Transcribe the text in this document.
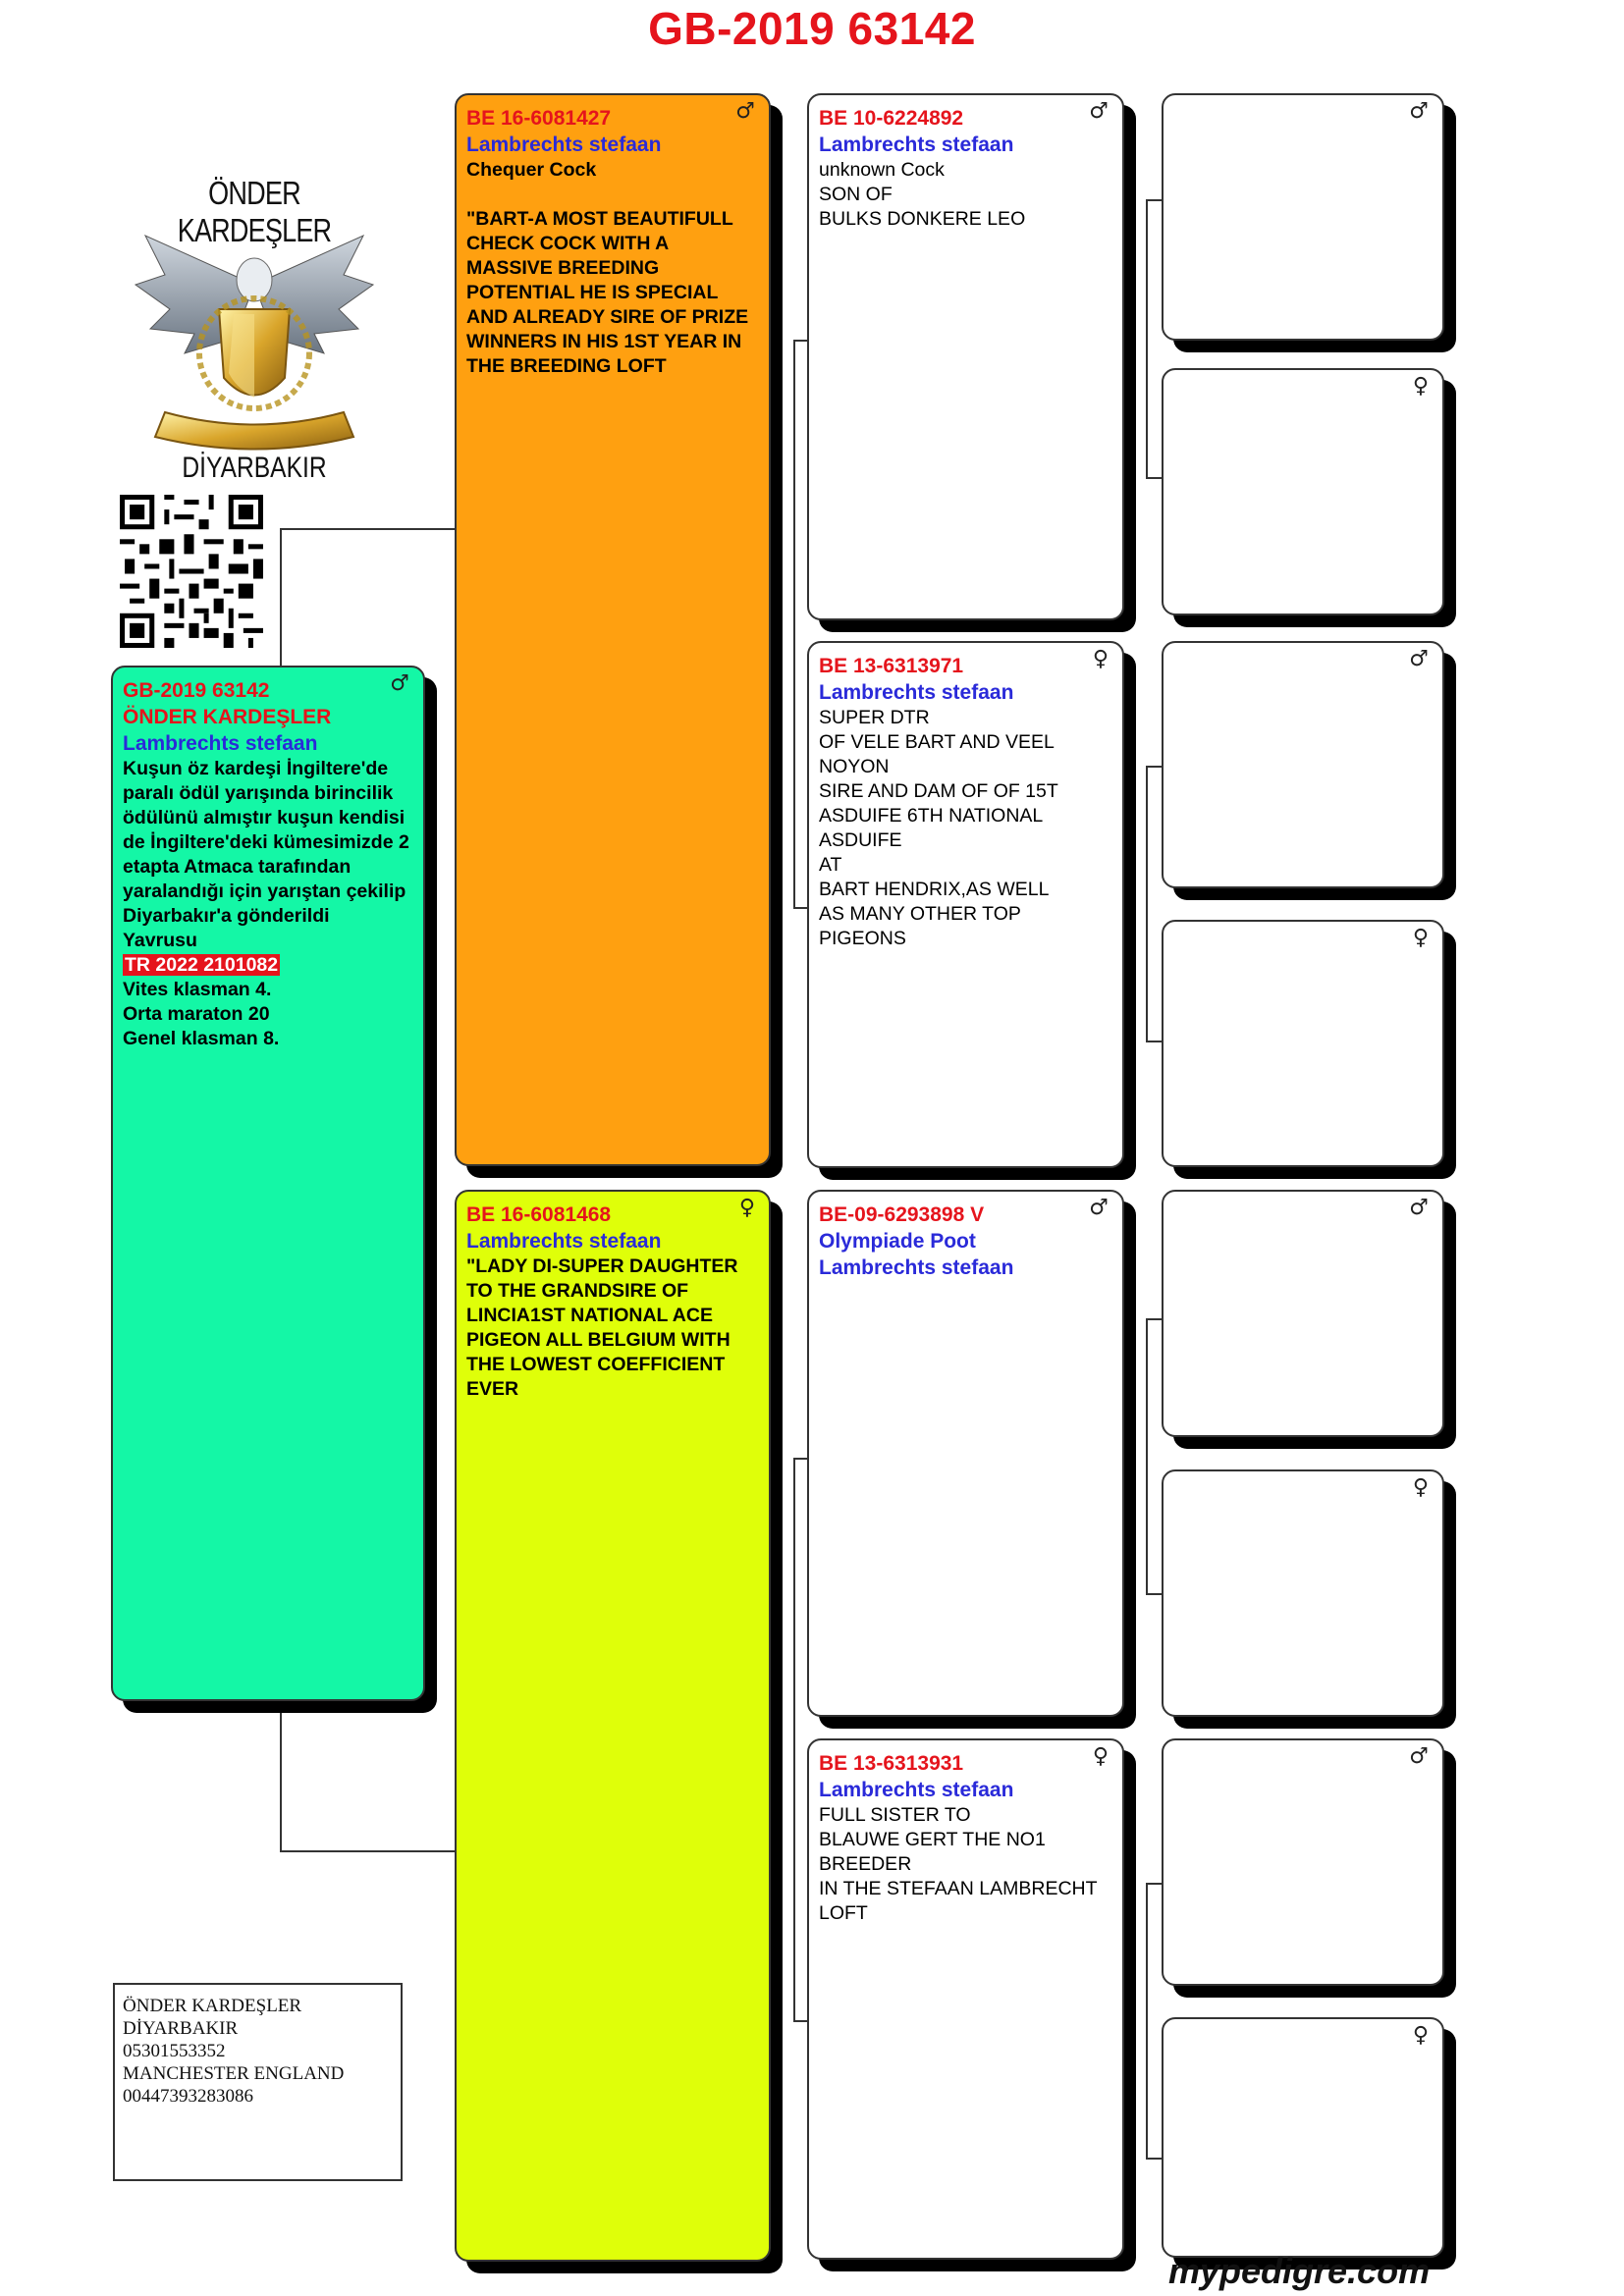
GB-2019 63142
ÖNDER KARDEŞLER
DİYARBAKIR
♂
GB-2019 63142
ÖNDER KARDEŞLER
Lambrechts stefaan
Kuşun öz kardeşi İngiltere'de paralı ödül yarışında birincilik ödülünü almıştır kuşun kendisi de İngiltere'deki kümesimizde 2 etapta Atmaca tarafından yaralandığı için yarıştan çekilip Diyarbakır'a gönderildi
Yavrusu
TR 2022 2101082
Vites klasman 4.
Orta maraton 20
Genel klasman 8.
♂
BE 16-6081427
Lambrechts stefaan
Chequer Cock

"BART-A MOST BEAUTIFULL CHECK COCK WITH A MASSIVE BREEDING POTENTIAL HE IS SPECIAL AND ALREADY SIRE OF PRIZE WINNERS IN HIS 1ST YEAR IN THE BREEDING LOFT
♀
BE 16-6081468
Lambrechts stefaan
"LADY DI-SUPER DAUGHTER TO THE GRANDSIRE OF LINCIA1ST NATIONAL ACE PIGEON ALL BELGIUM WITH THE LOWEST COEFFICIENT EVER
♂
BE 10-6224892
Lambrechts stefaan
unknown Cock
SON OF
BULKS DONKERE LEO
♀
BE 13-6313971
Lambrechts stefaan
SUPER DTR
OF VELE BART AND VEEL NOYON
SIRE AND DAM OF OF 15T
ASDUIFE 6TH NATIONAL ASDUIFE
AT
BART HENDRIX,AS WELL
AS MANY OTHER TOP PIGEONS
♂
BE-09-6293898 V
Olympiade Poot
Lambrechts stefaan
♀
BE 13-6313931
Lambrechts stefaan
FULL SISTER TO
BLAUWE GERT THE NO1 BREEDER
IN THE STEFAAN LAMBRECHT
LOFT
♂
♀
♂
♀
♂
♀
♂
♀
ÖNDER KARDEŞLER
DİYARBAKIR
05301553352
MANCHESTER ENGLAND
00447393283086
mypedigre.com
